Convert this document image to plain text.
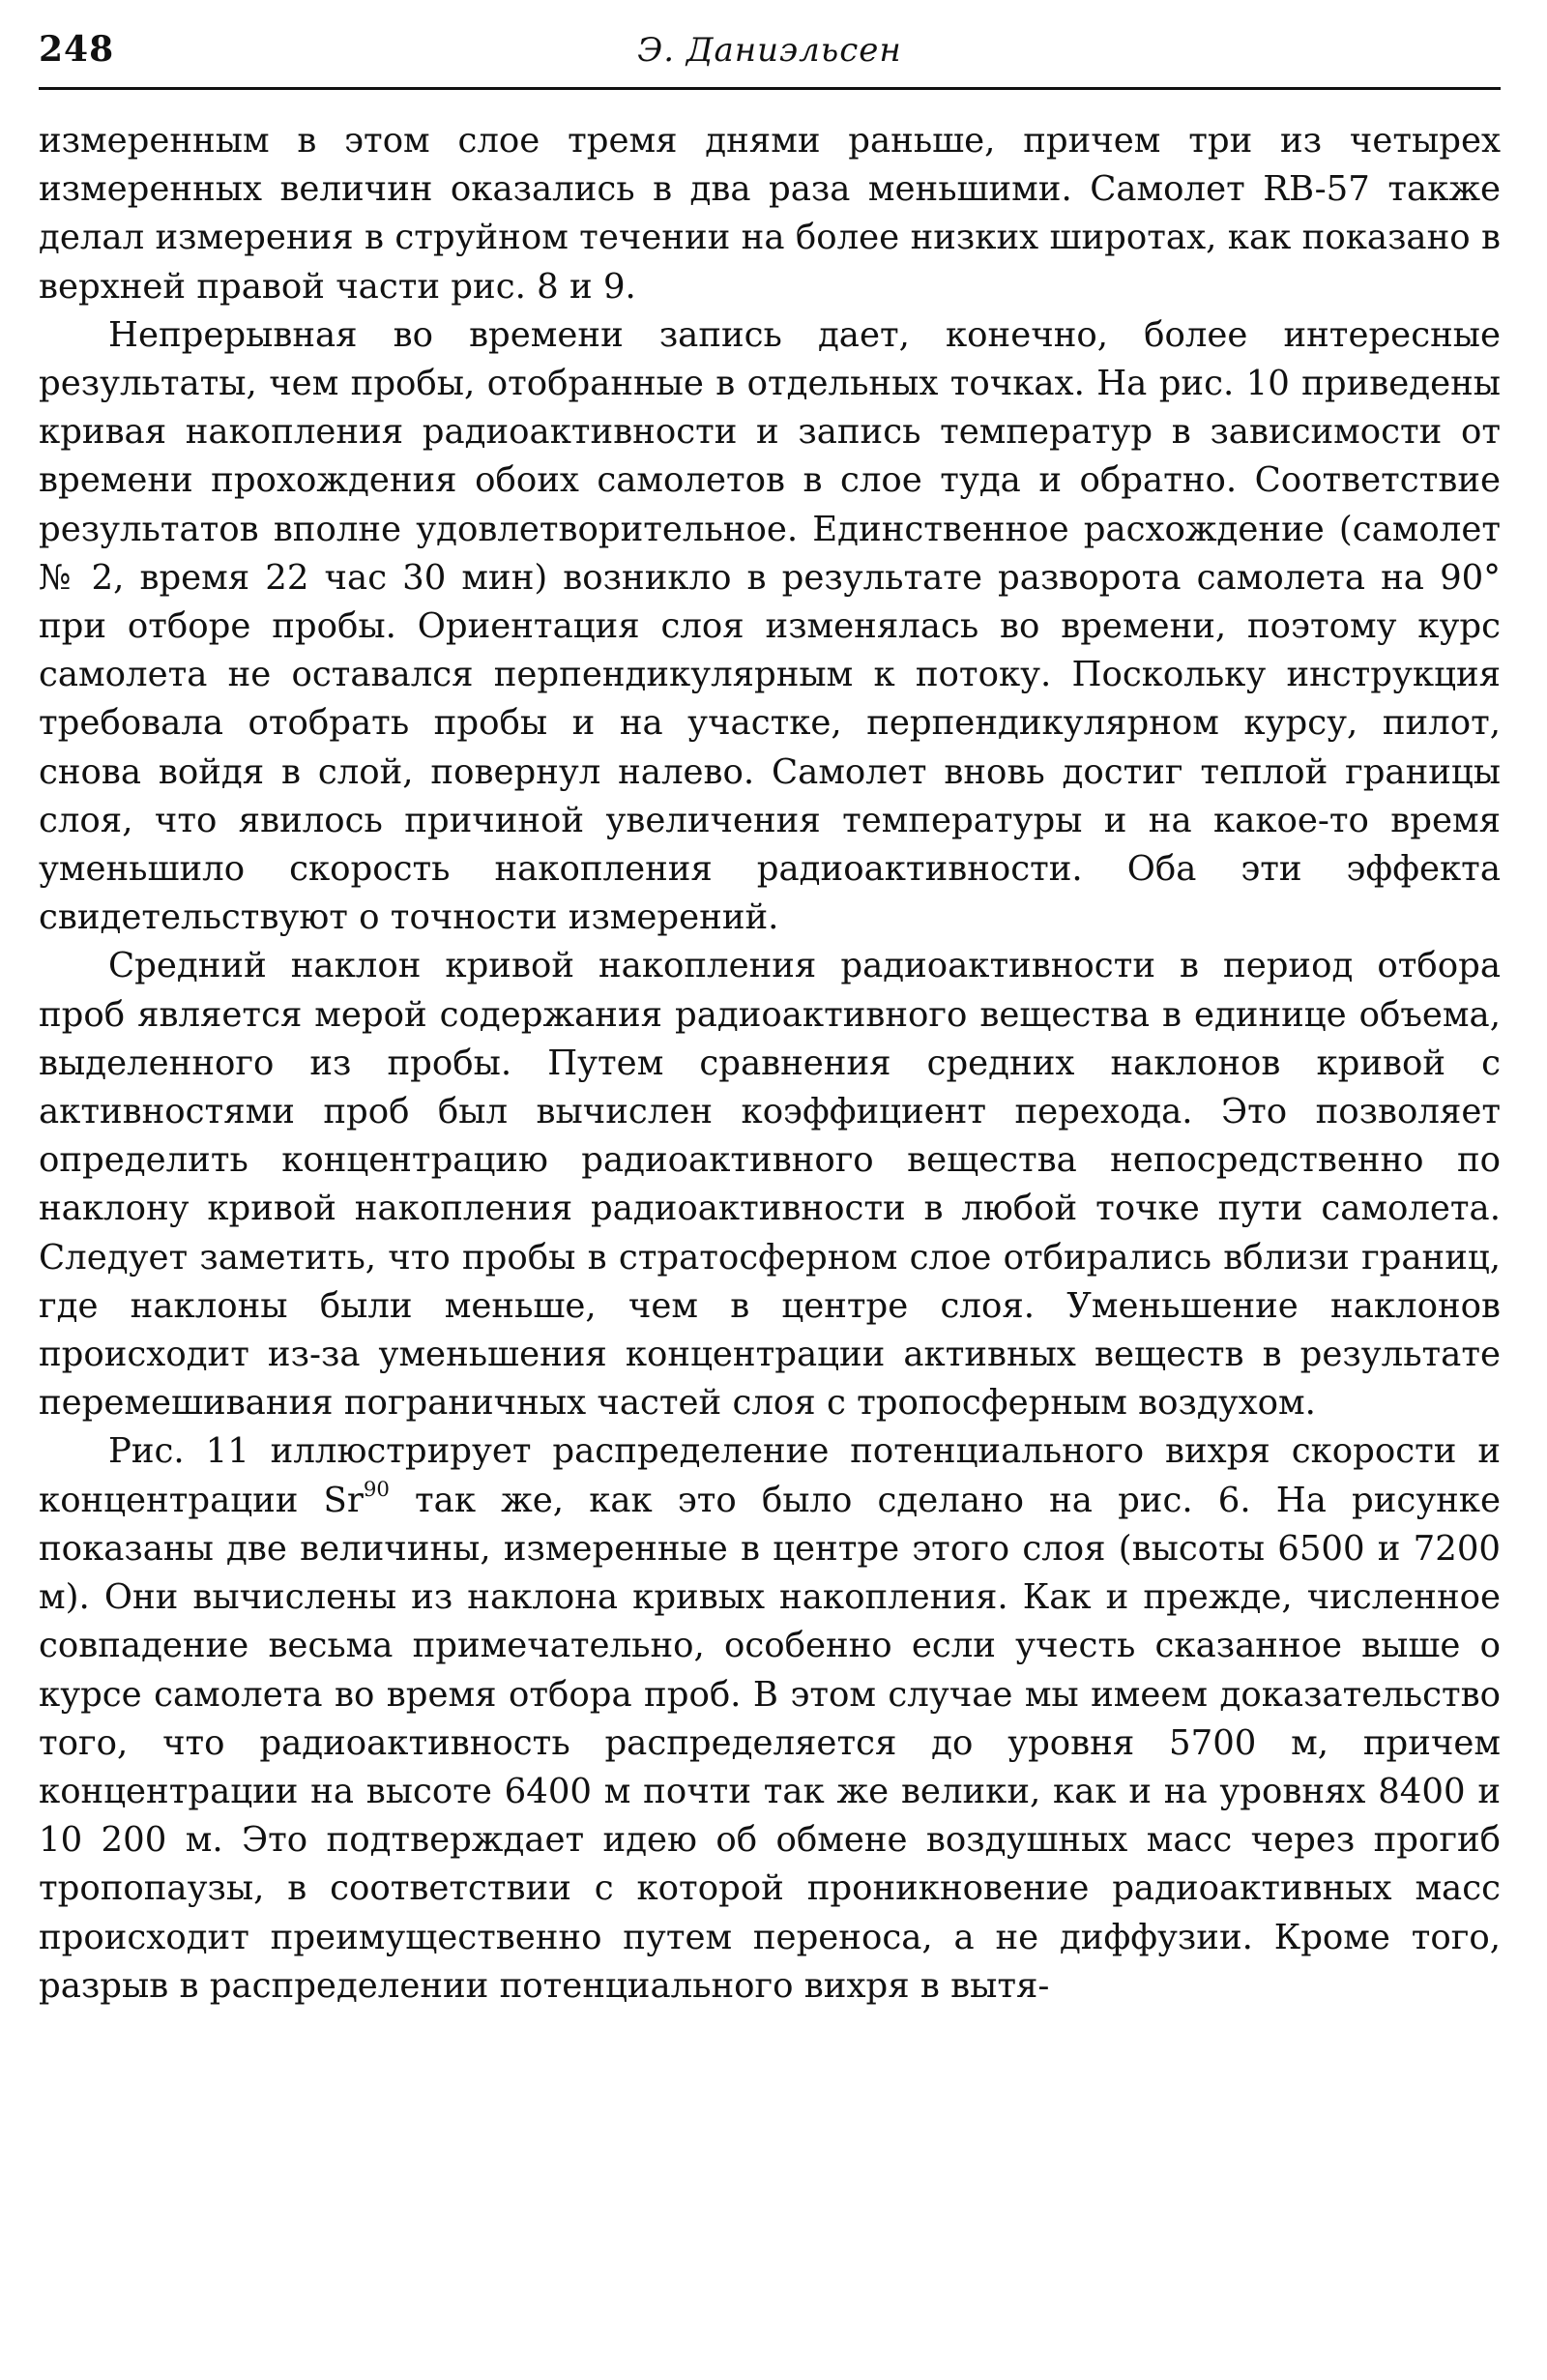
248	Э. Даниэльсен

измеренным в этом слое тремя днями раньше, причем три из четырех измеренных величин оказались в два раза меньшими. Самолет RB-57 также делал измерения в струйном течении на более низких широтах, как показано в верхней правой части рис. 8 и 9.

Непрерывная во времени запись дает, конечно, более интересные результаты, чем пробы, отобранные в отдельных точках. На рис. 10 приведены кривая накопления радиоактивности и запись температур в зависимости от времени прохождения обоих самолетов в слое туда и обратно. Соответствие результатов вполне удовлетворительное. Единственное расхождение (самолет № 2, время 22 час 30 мин) возникло в результате разворота самолета на 90° при отборе пробы. Ориентация слоя изменялась во времени, поэтому курс самолета не оставался перпендикулярным к потоку. Поскольку инструкция требовала отобрать пробы и на участке, перпендикулярном курсу, пилот, снова войдя в слой, повернул налево. Самолет вновь достиг теплой границы слоя, что явилось причиной увеличения температуры и на какое-то время уменьшило скорость накопления радиоактивности. Оба эти эффекта свидетельствуют о точности измерений.

Средний наклон кривой накопления радиоактивности в период отбора проб является мерой содержания радиоактивного вещества в единице объема, выделенного из пробы. Путем сравнения средних наклонов кривой с активностями проб был вычислен коэффициент перехода. Это позволяет определить концентрацию радиоактивного вещества непосредственно по наклону кривой накопления радиоактивности в любой точке пути самолета. Следует заметить, что пробы в стратосферном слое отбирались вблизи границ, где наклоны были меньше, чем в центре слоя. Уменьшение наклонов происходит из-за уменьшения концентрации активных веществ в результате перемешивания пограничных частей слоя с тропосферным воздухом.

Рис. 11 иллюстрирует распределение потенциального вихря скорости и концентрации Sr$^{90}$ так же, как это было сделано на рис. 6. На рисунке показаны две величины, измеренные в центре этого слоя (высоты 6500 и 7200 м). Они вычислены из наклона кривых накопления. Как и прежде, численное совпадение весьма примечательно, особенно если учесть сказанное выше о курсе самолета во время отбора проб. В этом случае мы имеем доказательство того, что радиоактивность распределяется до уровня 5700 м, причем концентрации на высоте 6400 м почти так же велики, как и на уровнях 8400 и 10 200 м. Это подтверждает идею об обмене воздушных масс через прогиб тропопаузы, в соответствии с которой проникновение радиоактивных масс происходит преимущественно путем переноса, а не диффузии. Кроме того, разрыв в распределении потенциального вихря в вытя-
